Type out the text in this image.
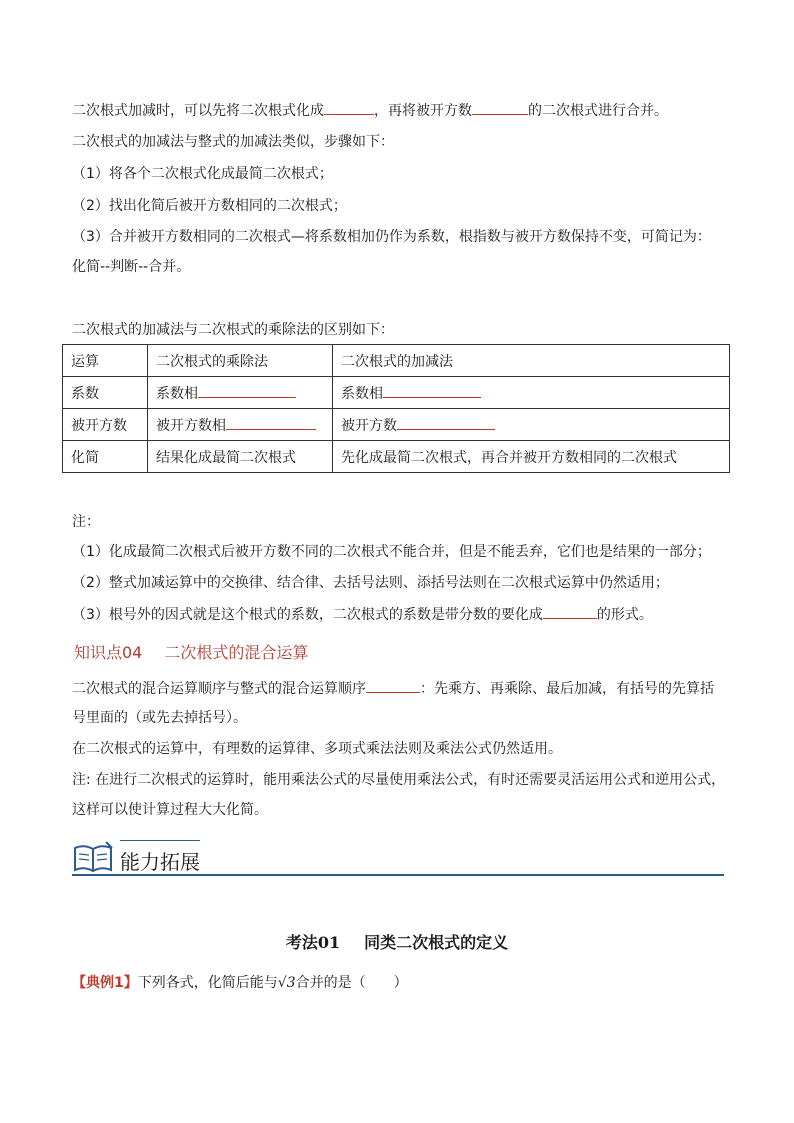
二次根式加减时，可以先将二次根式化成	，再将被开方数	的二次根式进行合并。
二次根式的加减法与整式的加减法类似，步骤如下：
（1）将各个二次根式化成最简二次根式；
（2）找出化简后被开方数相同的二次根式；
（3）合并被开方数相同的二次根式—将系数相加仍作为系数，根指数与被开方数保持不变，可简记为：
化简--判断--合并。
二次根式的加减法与二次根式的乘除法的区别如下：
运算	二次根式的乘除法	二次根式的加减法
系数	系数相	系数相
被开方数	被开方数相	被开方数
化简	结果化成最简二次根式	先化成最简二次根式，再合并被开方数相同的二次根式
注：
（1）化成最简二次根式后被开方数不同的二次根式不能合并，但是不能丢弃，它们也是结果的一部分；
（2）整式加减运算中的交换律、结合律、去括号法则、添括号法则在二次根式运算中仍然适用；
（3）根号外的因式就是这个根式的系数，二次根式的系数是带分数的要化成	的形式。
知识点04 二次根式的混合运算
二次根式的混合运算顺序与整式的混合运算顺序	：先乘方、再乘除、最后加减，有括号的先算括
号里面的（或先去掉括号）。
在二次根式的运算中，有理数的运算律、多项式乘法法则及乘法公式仍然适用。
注: 在进行二次根式的运算时，能用乘法公式的尽量使用乘法公式，有时还需要灵活运用公式和逆用公式，
这样可以使计算过程大大化简。
能力拓展
考法01 同类二次根式的定义
【典例1】下列各式，化简后能与√3合并的是（　　）
